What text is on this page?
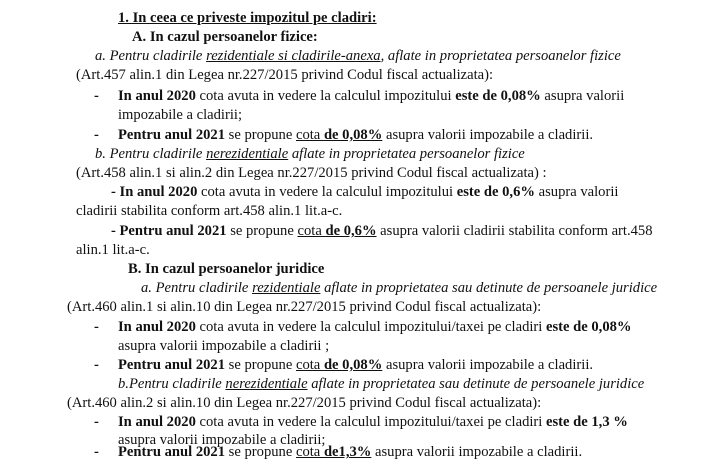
1. In ceea ce priveste impozitul pe cladiri:
A. In cazul persoanelor fizice:
a. Pentru cladirile rezidentiale si cladirile-anexa, aflate in proprietatea persoanelor fizice
(Art.457 alin.1 din Legea nr.227/2015 privind Codul fiscal actualizata):
- In anul 2020 cota avuta in vedere la calculul impozitului este de 0,08% asupra valorii
impozabile a cladirii;
- Pentru anul 2021 se propune cota de 0,08% asupra valorii impozabile a cladirii.
b. Pentru cladirile nerezidentiale aflate in proprietatea persoanelor fizice
(Art.458 alin.1 si alin.2 din Legea nr.227/2015 privind Codul fiscal actualizata) :
- In anul 2020 cota avuta in vedere la calculul impozitului este de 0,6% asupra valorii
cladirii stabilita conform art.458 alin.1 lit.a-c.
- Pentru anul 2021 se propune cota de 0,6% asupra valorii cladirii stabilita conform art.458
alin.1 lit.a-c.
B. In cazul persoanelor juridice
a. Pentru cladirile rezidentiale aflate in proprietatea sau detinute de persoanele juridice
(Art.460 alin.1 si alin.10 din Legea nr.227/2015 privind Codul fiscal actualizata):
- In anul 2020 cota avuta in vedere la calculul impozitului/taxei pe cladiri este de 0,08%
asupra valorii impozabile a cladirii ;
- Pentru anul 2021 se propune cota de 0,08% asupra valorii impozabile a cladirii.
b.Pentru cladirile nerezidentiale aflate in proprietatea sau detinute de persoanele juridice
(Art.460 alin.2 si alin.10 din Legea nr.227/2015 privind Codul fiscal actualizata):
- In anul 2020 cota avuta in vedere la calculul impozitului/taxei pe cladiri este de 1,3 %
asupra valorii impozabile a cladirii;
- Pentru anul 2021 se propune cota de1,3% asupra valorii impozabile a cladirii.
